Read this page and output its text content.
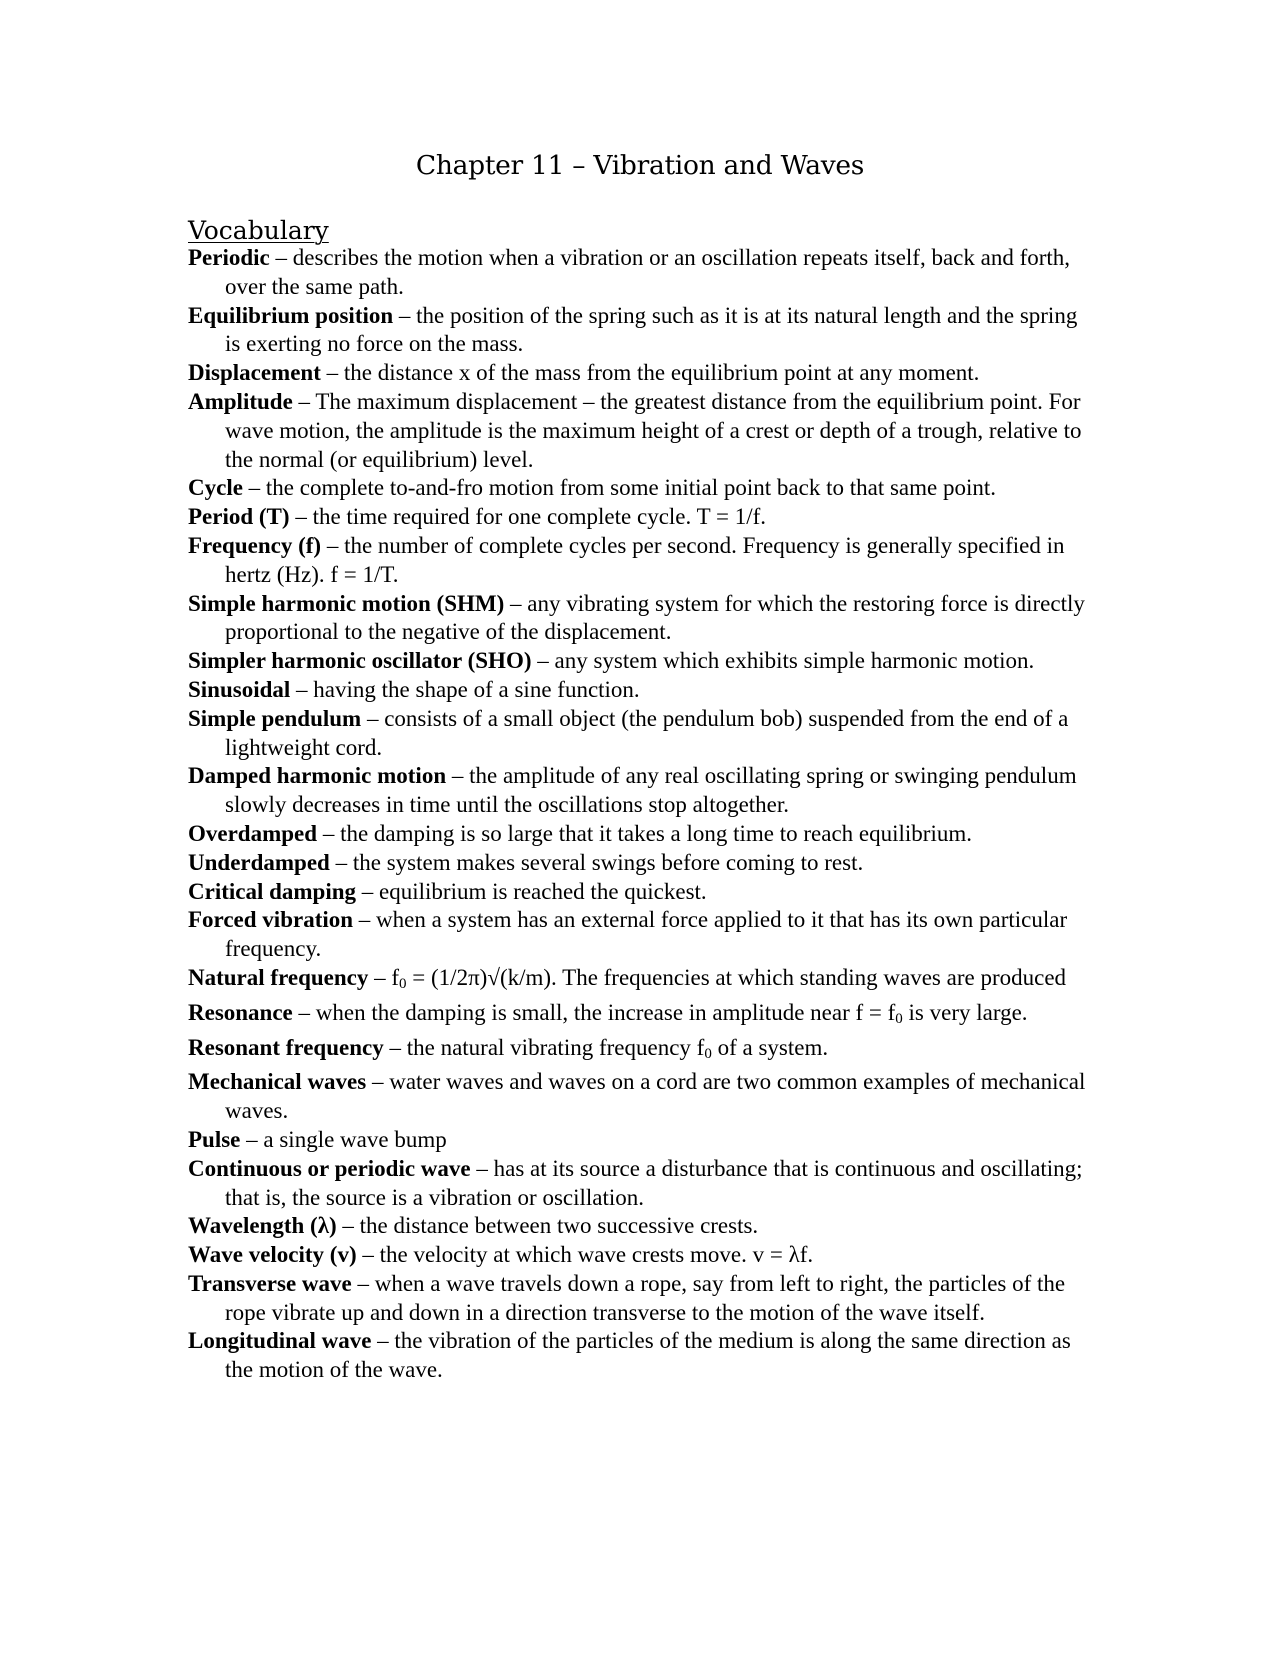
Chapter 11 – Vibration and Waves
Vocabulary

Periodic – describes the motion when a vibration or an oscillation repeats itself, back and forth, over the same path.

Equilibrium position – the position of the spring such as it is at its natural length and the spring is exerting no force on the mass.

Displacement – the distance x of the mass from the equilibrium point at any moment.

Amplitude – The maximum displacement – the greatest distance from the equilibrium point. For wave motion, the amplitude is the maximum height of a crest or depth of a trough, relative to the normal (or equilibrium) level.

Cycle – the complete to-and-fro motion from some initial point back to that same point.

Period (T) – the time required for one complete cycle. T = 1/f.

Frequency (f) – the number of complete cycles per second. Frequency is generally specified in hertz (Hz). f = 1/T.

Simple harmonic motion (SHM) – any vibrating system for which the restoring force is directly proportional to the negative of the displacement.

Simpler harmonic oscillator (SHO) – any system which exhibits simple harmonic motion.

Sinusoidal – having the shape of a sine function.

Simple pendulum – consists of a small object (the pendulum bob) suspended from the end of a lightweight cord.

Damped harmonic motion – the amplitude of any real oscillating spring or swinging pendulum slowly decreases in time until the oscillations stop altogether.

Overdamped – the damping is so large that it takes a long time to reach equilibrium.

Underdamped – the system makes several swings before coming to rest.

Critical damping – equilibrium is reached the quickest.

Forced vibration – when a system has an external force applied to it that has its own particular frequency.

Natural frequency – $f_0 = (1/2\pi)√(k/m)$. The frequencies at which standing waves are produced

Resonance – when the damping is small, the increase in amplitude near $f = f_0$ is very large.

Resonant frequency – the natural vibrating frequency $f_0$ of a system.

Mechanical waves – water waves and waves on a cord are two common examples of mechanical waves.

Pulse – a single wave bump

Continuous or periodic wave – has at its source a disturbance that is continuous and oscillating; that is, the source is a vibration or oscillation.

Wavelength (λ) – the distance between two successive crests.

Wave velocity (v) – the velocity at which wave crests move. v = λf.

Transverse wave – when a wave travels down a rope, say from left to right, the particles of the rope vibrate up and down in a direction transverse to the motion of the wave itself.

Longitudinal wave – the vibration of the particles of the medium is along the same direction as the motion of the wave.
